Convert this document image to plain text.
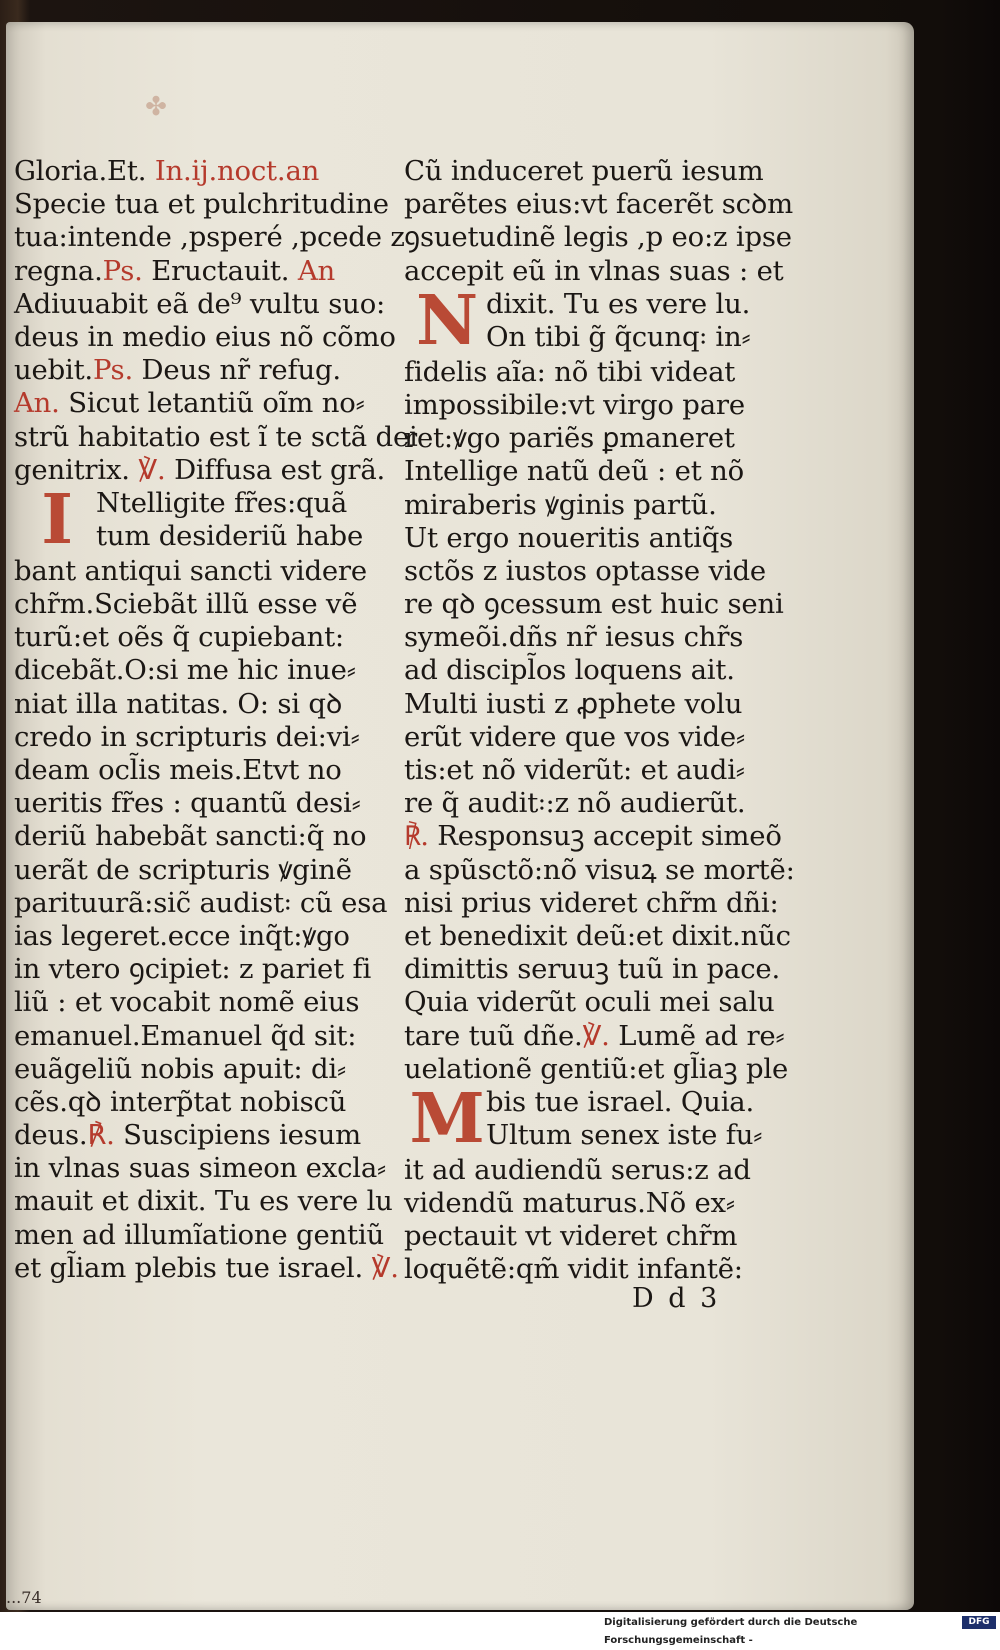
✤
Gloria.Et. In.ij.noct.an
Specie tua et pulchritudine
tua:intende ,psperé ,pcede z
regna.Ps. Eructauit. An
Adiuuabit eã de⁹ vultu suo:
deus in medio eius nõ cõmo
uebit.Ps. Deus nr̃ refug.
An. Sicut letantiũ oĩm no⸗
strũ habitatio est ĩ te sctã dei
genitrix. ℣. Diffusa est grã.
I Ntelligite fr̃es:quã
tum desideriũ habe
bant antiqui sancti videre
chr̃m.Sciebãt illũ esse vẽ
turũ:et oẽs q̃ cupiebant:
dicebãt.O:si me hic inue⸗
niat illa natitas. O: si qꝺ
credo in scripturis dei:vi⸗
deam ocl̃is meis.Etvt no
ueritis fr̃es : quantũ desi⸗
deriũ habebãt sancti:q̃ no
uerãt de scripturis ꝟginẽ
parituurã:sic̃ audist꞉ cũ esa
ias legeret.ecce inq̃t:ꝟgo
in vtero ꝯcipiet: z pariet fi
liũ : et vocabit nomẽ eius
emanuel.Emanuel q̃d sit:
euãgeliũ nobis apuit: di⸗
cẽs.qꝺ interp̃tat nobiscũ
deus.℟. Suscipiens iesum
in vlnas suas simeon excla⸗
mauit et dixit. Tu es vere lu
men ad illumĩatione gentiũ
et gl̃iam plebis tue israel. ℣.
Cũ induceret puerũ iesum
parẽtes eius:vt facerẽt scꝺm
ꝯsuetudinẽ legis ,p eo:z ipse
accepit eũ in vlnas suas : et
N dixit. Tu es vere lu.
On tibi g̃ q̃cunq꞉ in⸗
fidelis aĩa: nõ tibi videat
impossibile:vt virgo pare
ret:ꝟgo pariẽs ꝑmaneret
Intellige natũ deũ : et nõ
miraberis ꝟginis partũ.
Ut ergo noueritis antiq̃s
sctõs z iustos optasse vide
re qꝺ ꝯcessum est huic seni
symeõi.dñs nr̃ iesus chr̃s
ad discipl̃os loquens ait.
Multi iusti z ꝓphete volu
erũt videre que vos vide⸗
tis:et nõ viderũt: et audi⸗
re q̃ audit꞉:z nõ audierũt.
℟. Responsuꝫ accepit simeõ
a spũsctõ:nõ visuꝝ se mortẽ:
nisi prius videret chr̃m dñi:
et benedixit deũ:et dixit.nũc
dimittis seruuꝫ tuũ in pace.
Quia viderũt oculi mei salu
tare tuũ dñe.℣. Lumẽ ad re⸗
uelationẽ gentiũ:et gl̃iaꝫ ple
M bis tue israel. Quia.
Ultum senex iste fu⸗
it ad audiendũ serus:z ad
videndũ maturus.Nõ ex⸗
pectauit vt videret chr̃m
loquẽtẽ:qm̃ vidit infantẽ:
D d 3
...74
Digitalisierung gefördert durch die Deutsche Forschungsgemeinschaft -
DFG
